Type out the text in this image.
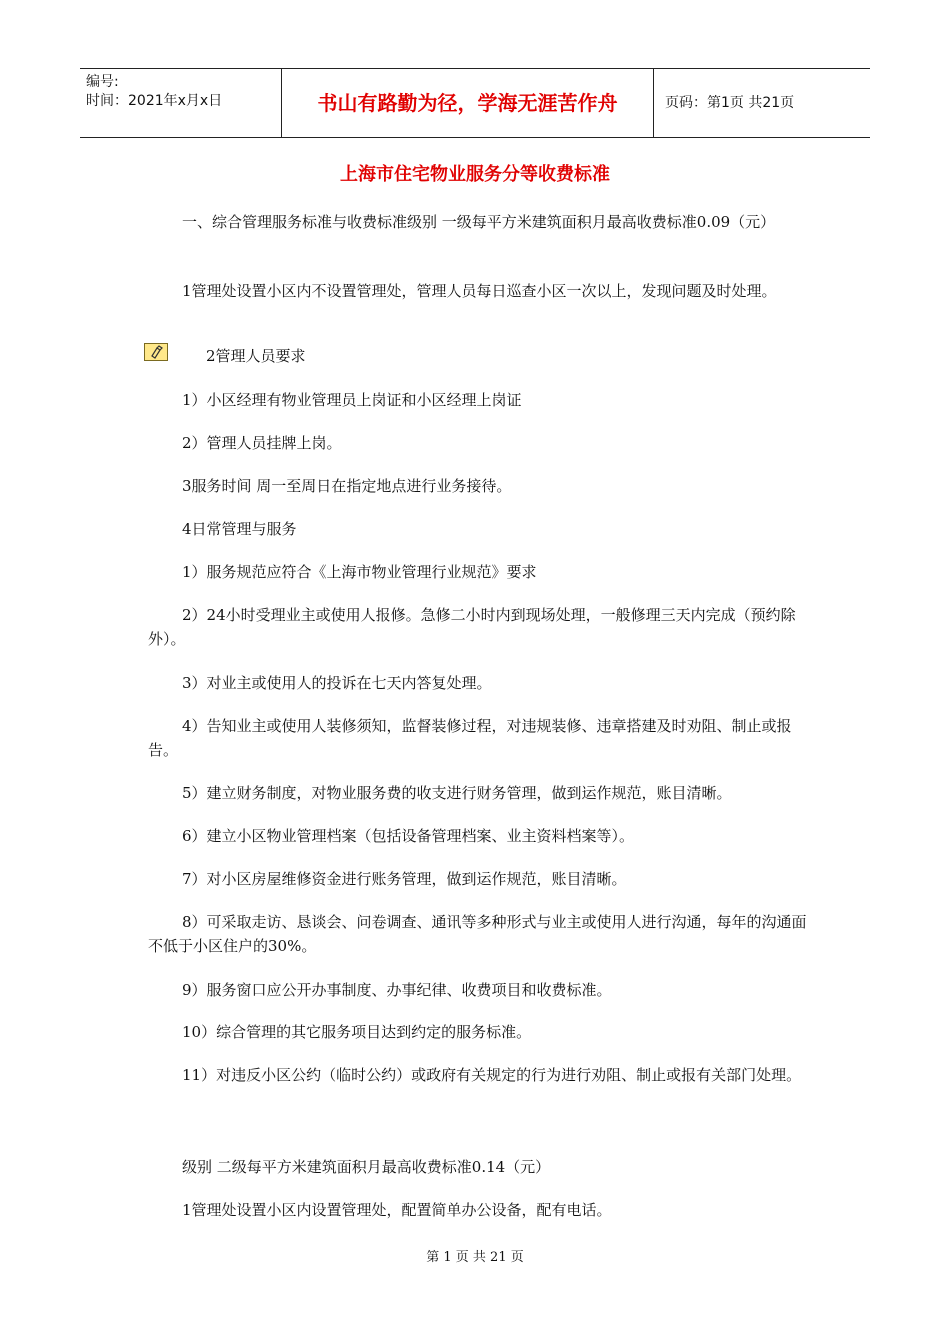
编号:
时间：2021年x月x日	书山有路勤为径，学海无涯苦作舟	页码：第1页 共21页
上海市住宅物业服务分等收费标准

一、综合管理服务标准与收费标准级别 一级每平方米建筑面积月最高收费标准0.09（元）

1管理处设置小区内不设置管理处，管理人员每日巡查小区一次以上，发现问题及时处理。

2管理人员要求

1）小区经理有物业管理员上岗证和小区经理上岗证

2）管理人员挂牌上岗。

3服务时间 周一至周日在指定地点进行业务接待。

4日常管理与服务

1）服务规范应符合《上海市物业管理行业规范》要求

2）24小时受理业主或使用人报修。急修二小时内到现场处理，一般修理三天内完成（预约除外）。

3）对业主或使用人的投诉在七天内答复处理。

4）告知业主或使用人装修须知，监督装修过程，对违规装修、违章搭建及时劝阻、制止或报告。

5）建立财务制度，对物业服务费的收支进行财务管理，做到运作规范，账目清晰。

6）建立小区物业管理档案（包括设备管理档案、业主资料档案等）。

7）对小区房屋维修资金进行账务管理，做到运作规范，账目清晰。

8）可采取走访、恳谈会、问卷调查、通讯等多种形式与业主或使用人进行沟通，每年的沟通面不低于小区住户的30%。

9）服务窗口应公开办事制度、办事纪律、收费项目和收费标准。

10）综合管理的其它服务项目达到约定的服务标准。

11）对违反小区公约（临时公约）或政府有关规定的行为进行劝阻、制止或报有关部门处理。

级别 二级每平方米建筑面积月最高收费标准0.14（元）

1管理处设置小区内设置管理处，配置简单办公设备，配有电话。

第 1 页 共 21 页
